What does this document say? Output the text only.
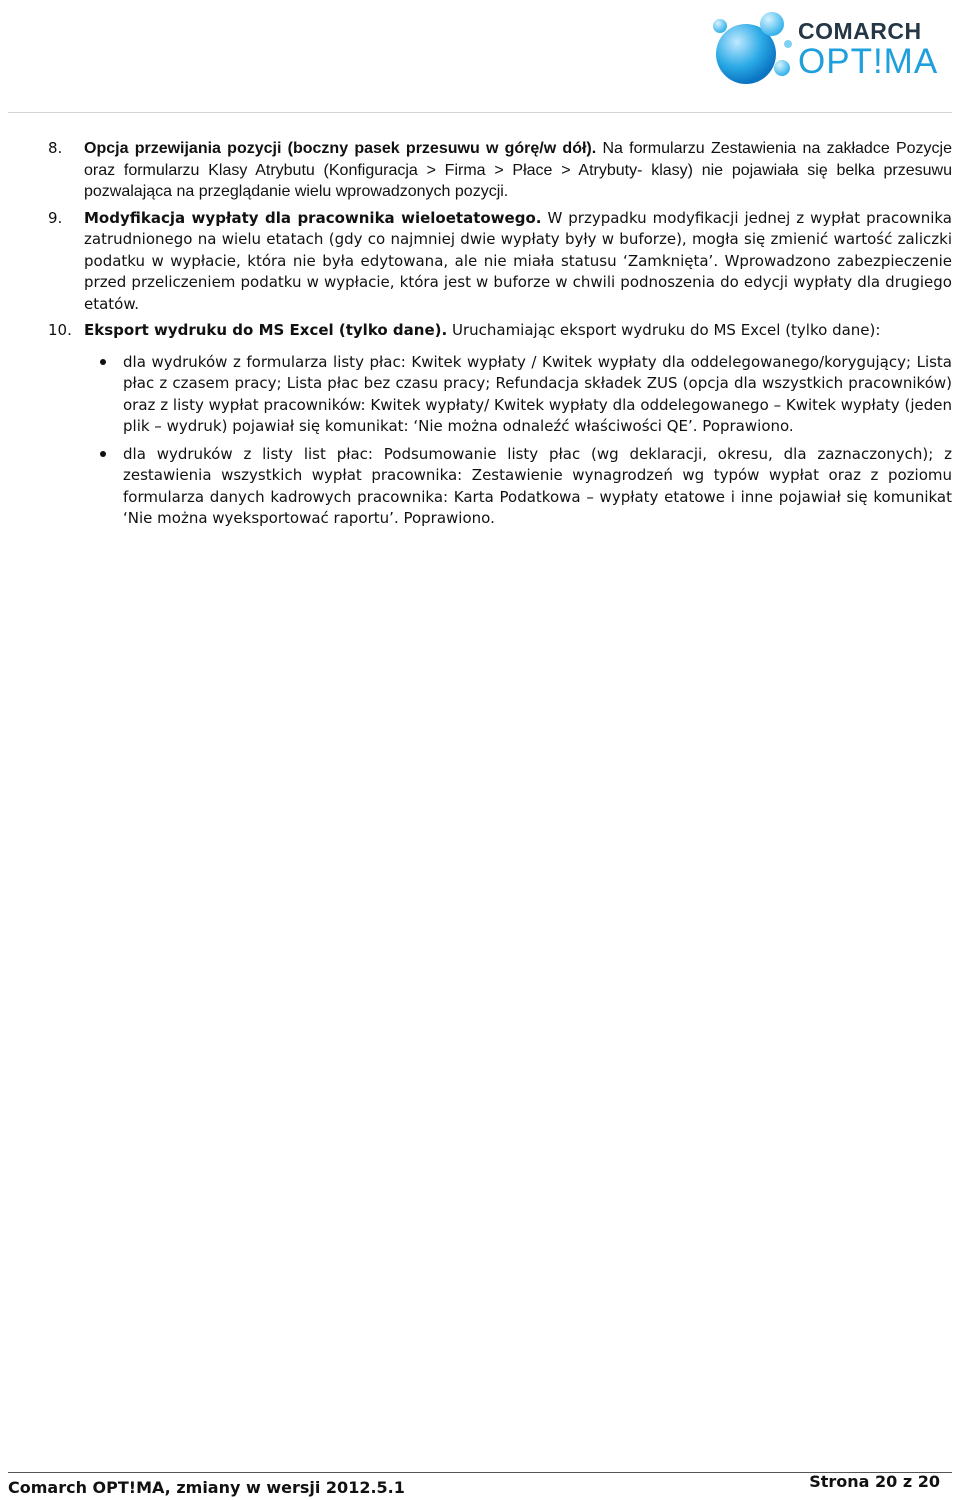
COMARCH
OPT!MA
8.	Opcja przewijania pozycji (boczny pasek przesuwu w górę/w dół). Na formularzu Zestawienia na zakładce Pozycje oraz formularzu Klasy Atrybutu (Konfiguracja > Firma > Płace > Atrybuty- klasy) nie pojawiała się belka przesuwu pozwalająca na przeglądanie wielu wprowadzonych pozycji.
9.	Modyfikacja wypłaty dla pracownika wieloetatowego. W przypadku modyfikacji jednej z wypłat pracownika zatrudnionego na wielu etatach (gdy co najmniej dwie wypłaty były w buforze), mogła się zmienić wartość zaliczki podatku w wypłacie, która nie była edytowana, ale nie miała statusu ‘Zamknięta’. Wprowadzono zabezpieczenie przed przeliczeniem podatku w wypłacie, która jest w buforze w chwili podnoszenia do edycji wypłaty dla drugiego etatów.
10. Eksport wydruku do MS Excel (tylko dane). Uruchamiając eksport wydruku do MS Excel (tylko dane):
dla wydruków z formularza listy płac: Kwitek wypłaty / Kwitek wypłaty dla oddelegowanego/korygujący; Lista płac z czasem pracy; Lista płac bez czasu pracy; Refundacja składek ZUS (opcja dla wszystkich pracowników) oraz z listy wypłat pracowników: Kwitek wypłaty/ Kwitek wypłaty dla oddelegowanego – Kwitek wypłaty (jeden plik – wydruk) pojawiał się komunikat: ‘Nie można odnaleźć właściwości QE’. Poprawiono.
dla wydruków z listy list płac: Podsumowanie listy płac (wg deklaracji, okresu, dla zaznaczonych); z zestawienia wszystkich wypłat pracownika: Zestawienie wynagrodzeń wg typów wypłat oraz z poziomu formularza danych kadrowych pracownika: Karta Podatkowa – wypłaty etatowe i inne pojawiał się komunikat ‘Nie można wyeksportować raportu’. Poprawiono.
Comarch OPT!MA, zmiany w wersji 2012.5.1	Strona 20 z 20
